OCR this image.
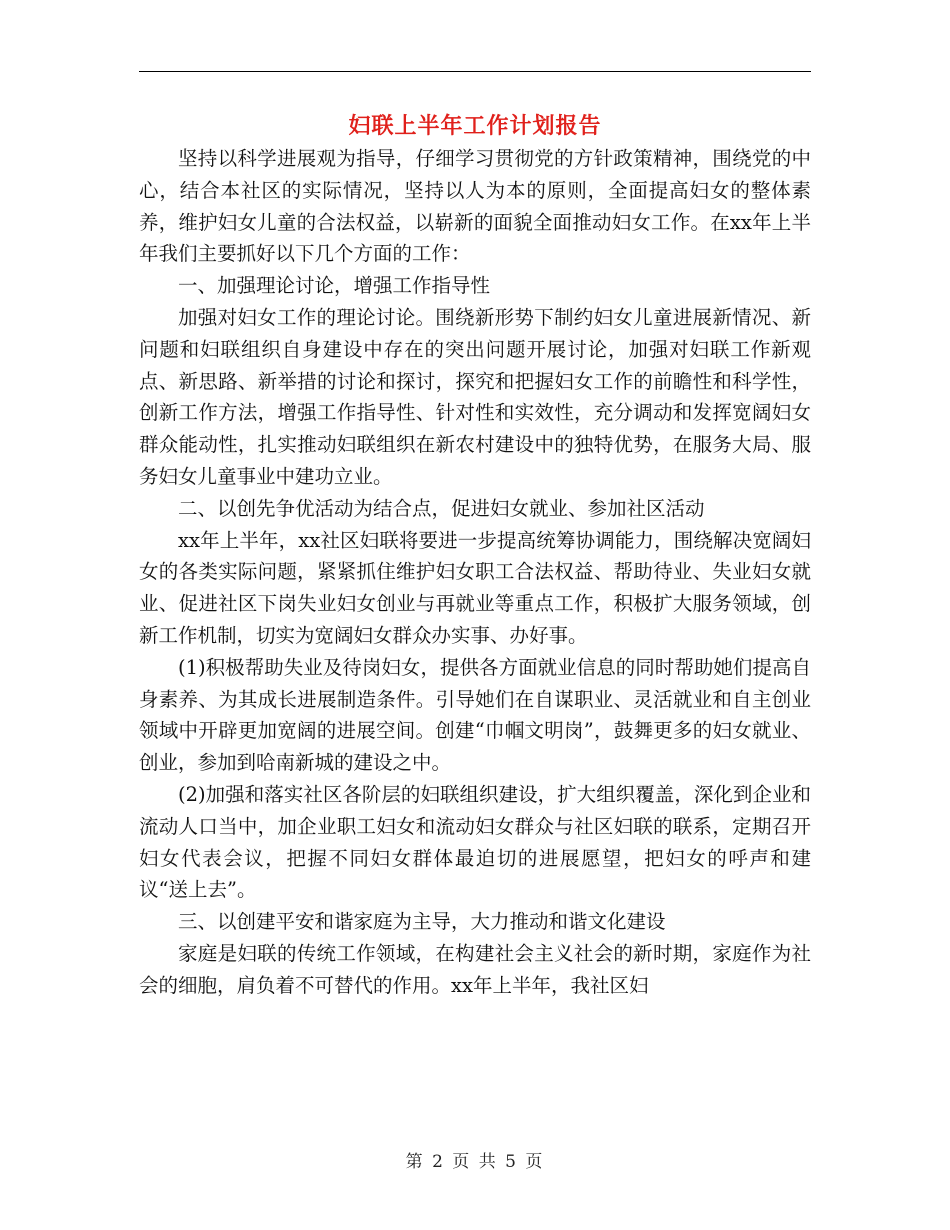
妇联上半年工作计划报告

坚持以科学进展观为指导，仔细学习贯彻党的方针政策精神，围绕党的中心，结合本社区的实际情况，坚持以人为本的原则，全面提高妇女的整体素养，维护妇女儿童的合法权益，以崭新的面貌全面推动妇女工作。在xx年上半年我们主要抓好以下几个方面的工作：

一、加强理论讨论，增强工作指导性

加强对妇女工作的理论讨论。围绕新形势下制约妇女儿童进展新情况、新问题和妇联组织自身建设中存在的突出问题开展讨论，加强对妇联工作新观点、新思路、新举措的讨论和探讨，探究和把握妇女工作的前瞻性和科学性，创新工作方法，增强工作指导性、针对性和实效性，充分调动和发挥宽阔妇女群众能动性，扎实推动妇联组织在新农村建设中的独特优势，在服务大局、服务妇女儿童事业中建功立业。

二、以创先争优活动为结合点，促进妇女就业、参加社区活动

xx年上半年，xx社区妇联将要进一步提高统筹协调能力，围绕解决宽阔妇女的各类实际问题，紧紧抓住维护妇女职工合法权益、帮助待业、失业妇女就业、促进社区下岗失业妇女创业与再就业等重点工作，积极扩大服务领域，创新工作机制，切实为宽阔妇女群众办实事、办好事。

(1)积极帮助失业及待岗妇女，提供各方面就业信息的同时帮助她们提高自身素养、为其成长进展制造条件。引导她们在自谋职业、灵活就业和自主创业领域中开辟更加宽阔的进展空间。创建“巾帼文明岗”，鼓舞更多的妇女就业、创业，参加到哈南新城的建设之中。

(2)加强和落实社区各阶层的妇联组织建设，扩大组织覆盖，深化到企业和流动人口当中，加企业职工妇女和流动妇女群众与社区妇联的联系，定期召开妇女代表会议，把握不同妇女群体最迫切的进展愿望，把妇女的呼声和建议“送上去”。

三、以创建平安和谐家庭为主导，大力推动和谐文化建设

家庭是妇联的传统工作领域，在构建社会主义社会的新时期，家庭作为社会的细胞，肩负着不可替代的作用。xx年上半年，我社区妇

第 2 页 共 5 页
